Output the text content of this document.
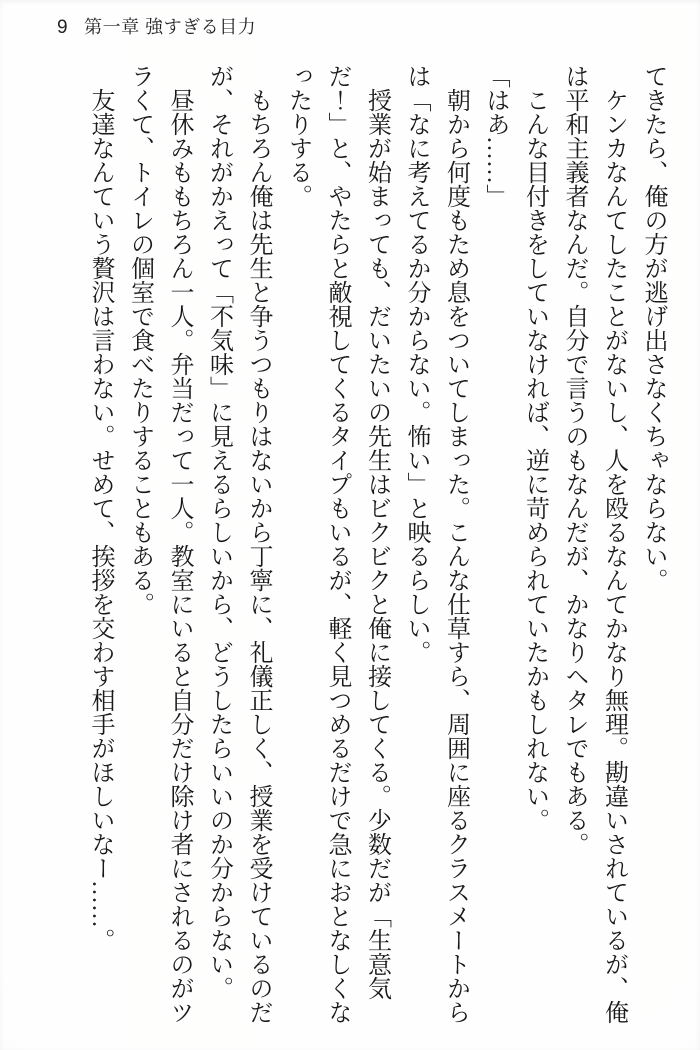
9 第一章 強すぎる目力

てきたら、俺の方が逃げ出さなくちゃならない。

ケンカなんてしたことがないし、人を殴るなんてかなり無理。勘違いされているが、俺は平和主義者なんだ。自分で言うのもなんだが、かなりヘタレでもある。

こんな目付きをしていなければ、逆に苛められていたかもしれない。

「はあ……」

朝から何度もため息をついてしまった。こんな仕草すら、周囲に座るクラスメートからは「なに考えてるか分からない。怖い」と映るらしい。

授業が始まっても、だいたいの先生はビクビクと俺に接してくる。少数だが「生意気だ！」と、やたらと敵視してくるタイプもいるが、軽く見つめるだけで急におとなしくなったりする。

もちろん俺は先生と争うつもりはないから丁寧に、礼儀正しく、授業を受けているのだが、それがかえって「不気味」に見えるらしいから、どうしたらいいのか分からない。

昼休みももちろん一人。弁当だって一人。教室にいると自分だけ除け者にされるのがツラくて、トイレの個室で食べたりすることもある。

友達なんていう贅沢は言わない。せめて、挨拶を交わす相手がほしいなー……。
